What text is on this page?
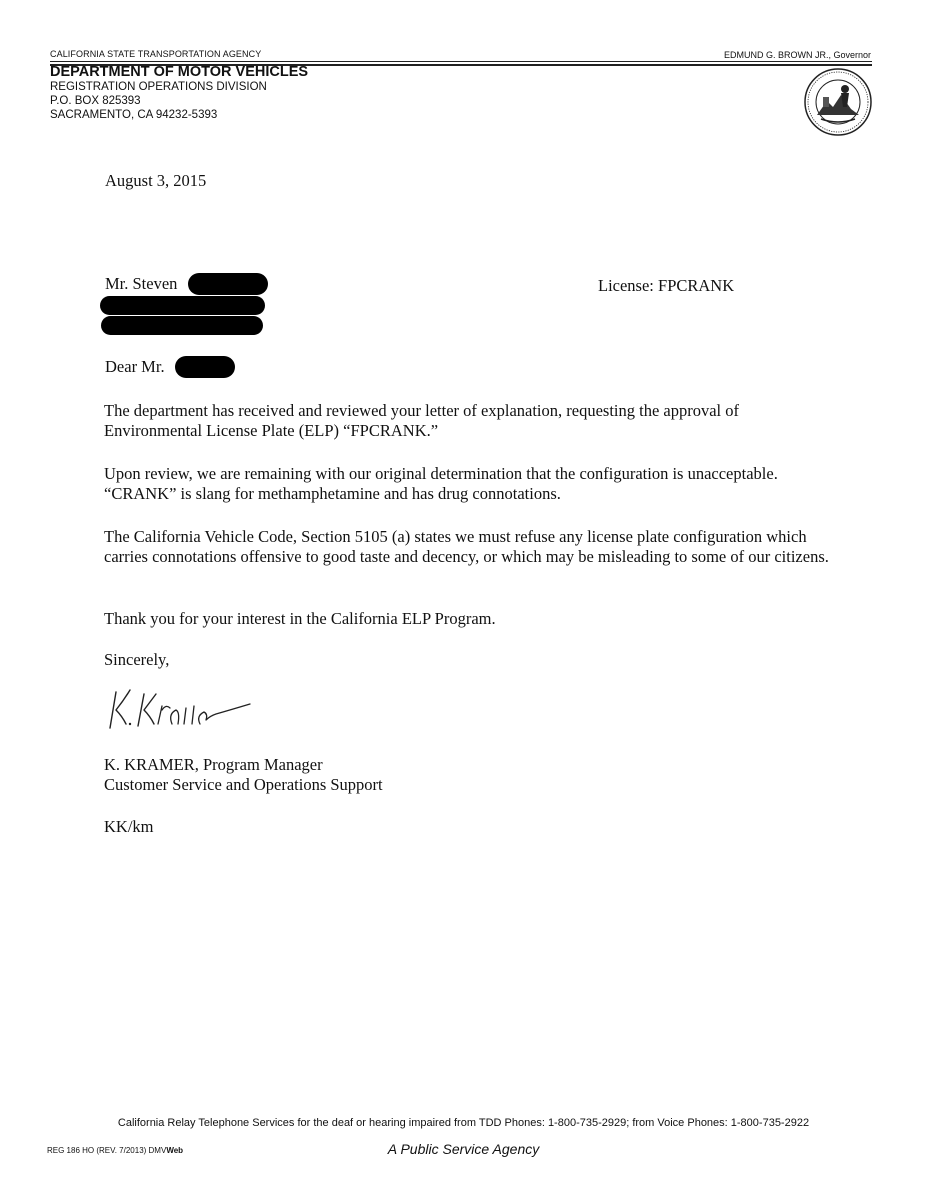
CALIFORNIA STATE TRANSPORTATION AGENCY	EDMUND G. BROWN JR., Governor
DEPARTMENT OF MOTOR VEHICLES
REGISTRATION OPERATIONS DIVISION
P.O. BOX 825393
SACRAMENTO, CA 94232-5393
August 3, 2015
Mr. Steven	License: FPCRANK
Dear Mr.
The department has received and reviewed your letter of explanation, requesting the approval of Environmental License Plate (ELP) “FPCRANK.”
Upon review, we are remaining with our original determination that the configuration is unacceptable. “CRANK” is slang for methamphetamine and has drug connotations.
The California Vehicle Code, Section 5105 (a) states we must refuse any license plate configuration which carries connotations offensive to good taste and decency, or which may be misleading to some of our citizens.
Thank you for your interest in the California ELP Program.
Sincerely,
K. KRAMER, Program Manager
Customer Service and Operations Support
KK/km
California Relay Telephone Services for the deaf or hearing impaired from TDD Phones: 1-800-735-2929; from Voice Phones: 1-800-735-2922
REG 186 HO (REV. 7/2013) DMVWeb	A Public Service Agency
